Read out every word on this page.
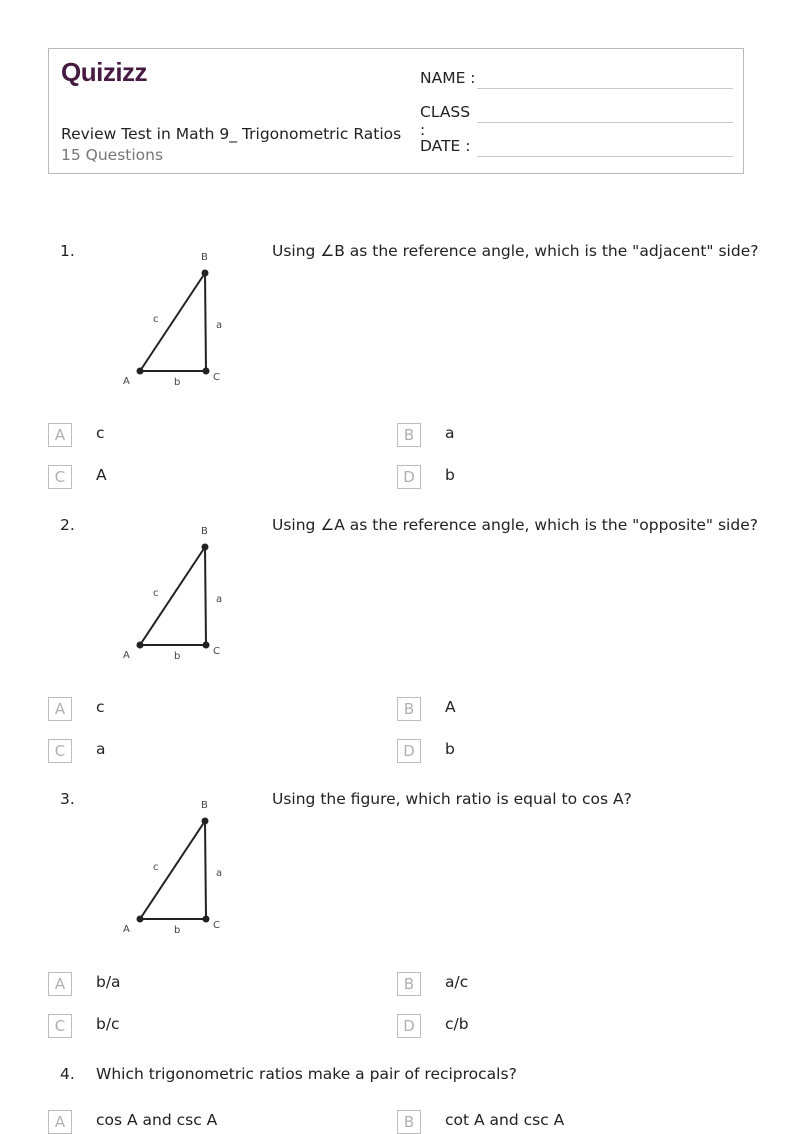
Quizizz
Review Test in Math 9_ Trigonometric Ratios
15 Questions
NAME :
CLASS :
DATE :
1.	Using ∠B as the reference angle, which is the "adjacent" side?
B
c
a
A	b	C
A	c	B	a
C	A	D	b
2.	Using ∠A as the reference angle, which is the "opposite" side?
B
c
a
A	b	C
A	c	B	A
C	a	D	b
3.	Using the figure, which ratio is equal to cos A?
B
c
a
A	b	C
A	b/a	B	a/c
C	b/c	D	c/b
4. Which trigonometric ratios make a pair of reciprocals?
A	cos A and csc A	B	cot A and csc A
